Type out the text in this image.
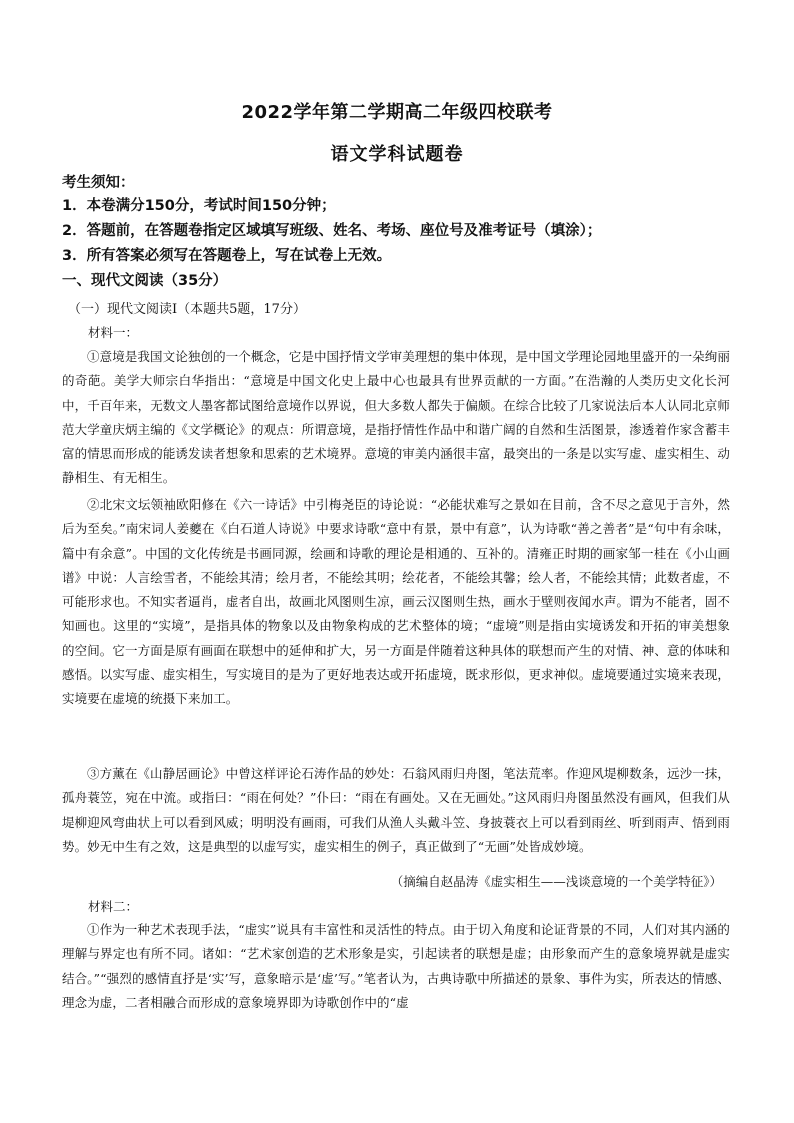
2022学年第二学期高二年级四校联考
语文学科试题卷
考生须知：
1．本卷满分150分，考试时间150分钟；
2．答题前，在答题卷指定区域填写班级、姓名、考场、座位号及准考证号（填涂）；
3．所有答案必须写在答题卷上，写在试卷上无效。
一、现代文阅读（35分）
（一）现代文阅读Ⅰ（本题共5题，17分）
材料一：
①意境是我国文论独创的一个概念，它是中国抒情文学审美理想的集中体现，是中国文学理论园地里盛开的一朵绚丽的奇葩。美学大师宗白华指出：“意境是中国文化史上最中心也最具有世界贡献的一方面。”在浩瀚的人类历史文化长河中，千百年来，无数文人墨客都试图给意境作以界说，但大多数人都失于偏颇。在综合比较了几家说法后本人认同北京师范大学童庆炳主编的《文学概论》的观点：所谓意境，是指抒情性作品中和谐广阔的自然和生活图景，渗透着作家含蓄丰富的情思而形成的能诱发读者想象和思索的艺术境界。意境的审美内涵很丰富，最突出的一条是以实写虚、虚实相生、动静相生、有无相生。
②北宋文坛领袖欧阳修在《六一诗话》中引梅尧臣的诗论说：“必能状难写之景如在目前，含不尽之意见于言外，然后为至矣。”南宋词人姜夔在《白石道人诗说》中要求诗歌“意中有景，景中有意”，认为诗歌“善之善者”是“句中有余味，篇中有余意”。中国的文化传统是书画同源，绘画和诗歌的理论是相通的、互补的。清雍正时期的画家邹一桂在《小山画谱》中说：人言绘雪者，不能绘其清；绘月者，不能绘其明；绘花者，不能绘其馨；绘人者，不能绘其情；此数者虚，不可能形求也。不知实者逼肖，虚者自出，故画北风图则生凉，画云汉图则生热，画水于壁则夜闻水声。谓为不能者，固不知画也。这里的“实境”，是指具体的物象以及由物象构成的艺术整体的境；“虚境”则是指由实境诱发和开拓的审美想象的空间。它一方面是原有画面在联想中的延伸和扩大，另一方面是伴随着这种具体的联想而产生的对情、神、意的体味和感悟。以实写虚、虚实相生，写实境目的是为了更好地表达或开拓虚境，既求形似，更求神似。虚境要通过实境来表现，实境要在虚境的统摄下来加工。
③方薰在《山静居画论》中曾这样评论石涛作品的妙处：石翁风雨归舟图，笔法荒率。作迎风堤柳数条，远沙一抹，孤舟蓑笠，宛在中流。或指曰：“雨在何处？”仆曰：“雨在有画处。又在无画处。”这风雨归舟图虽然没有画风，但我们从堤柳迎风弯曲状上可以看到风威；明明没有画雨，可我们从渔人头戴斗笠、身披蓑衣上可以看到雨丝、听到雨声、悟到雨势。妙无中生有之效，这是典型的以虚写实，虚实相生的例子，真正做到了“无画”处皆成妙境。
（摘编自赵晶涛《虚实相生——浅谈意境的一个美学特征》）
材料二：
①作为一种艺术表现手法，“虚实”说具有丰富性和灵活性的特点。由于切入角度和论证背景的不同，人们对其内涵的理解与界定也有所不同。诸如：“艺术家创造的艺术形象是实，引起读者的联想是虚；由形象而产生的意象境界就是虚实结合。”“强烈的感情直抒是‘实’写，意象暗示是‘虚’写。”笔者认为，古典诗歌中所描述的景象、事件为实，所表达的情感、理念为虚，二者相融合而形成的意象境界即为诗歌创作中的“虚
